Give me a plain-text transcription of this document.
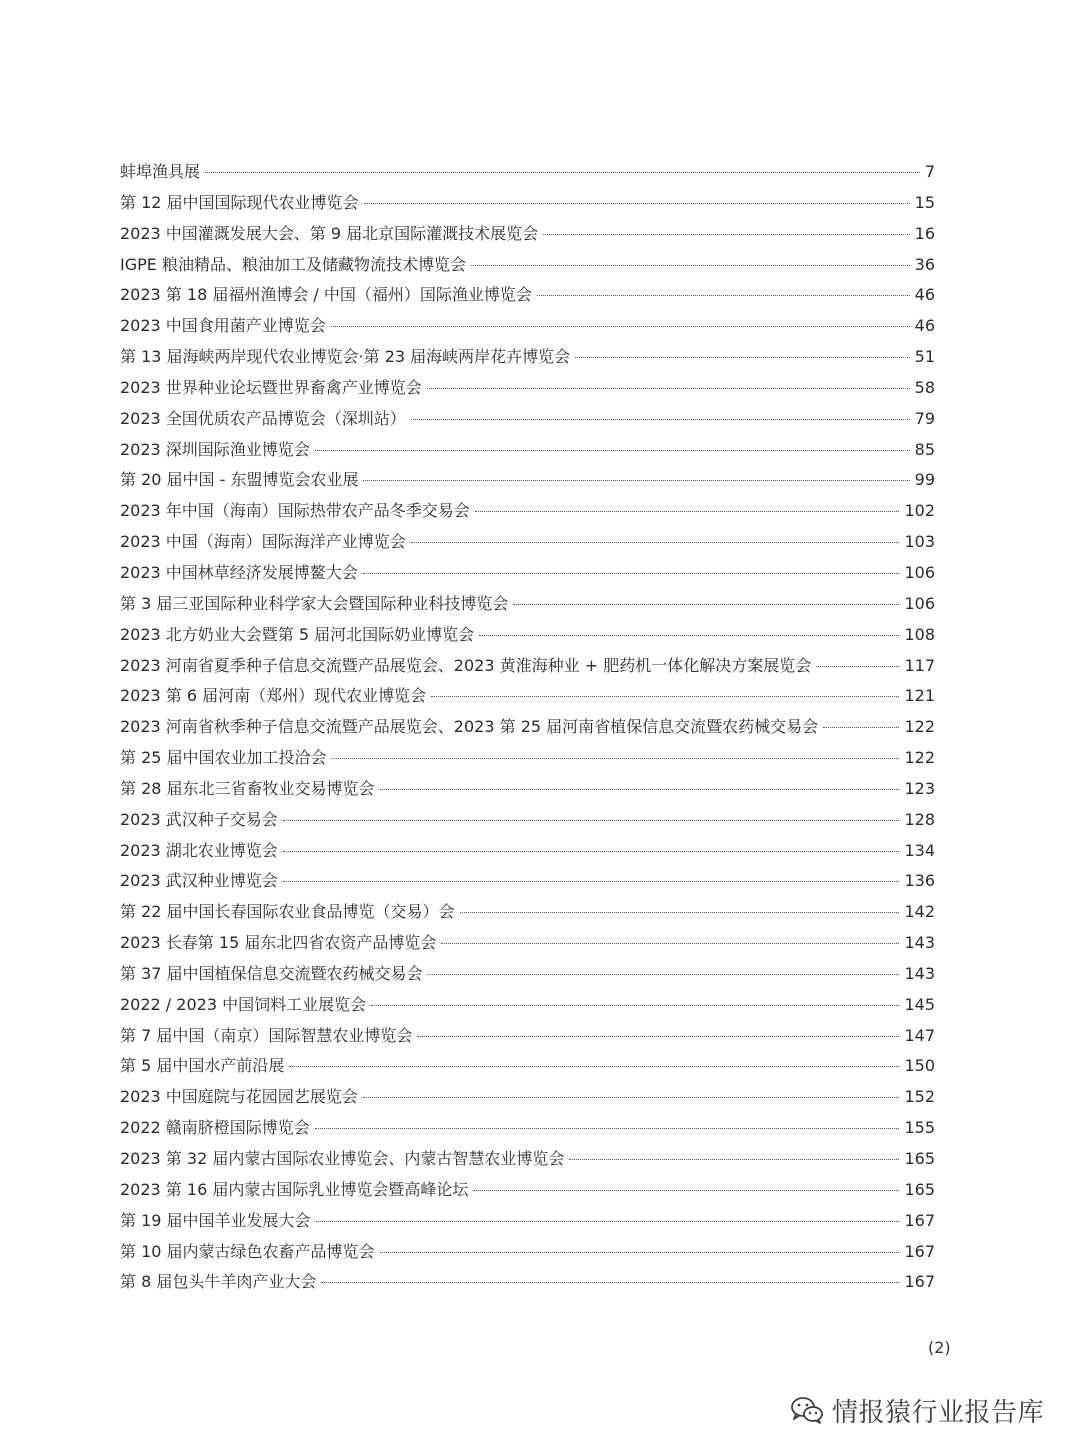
蚌埠渔具展	7
第 12 届中国国际现代农业博览会	15
2023 中国灌溉发展大会、第 9 届北京国际灌溉技术展览会	16
IGPE 粮油精品、粮油加工及储藏物流技术博览会	36
2023 第 18 届福州渔博会 / 中国（福州）国际渔业博览会	46
2023 中国食用菌产业博览会	46
第 13 届海峡两岸现代农业博览会·第 23 届海峡两岸花卉博览会	51
2023 世界种业论坛暨世界畜禽产业博览会	58
2023 全国优质农产品博览会（深圳站）	79
2023 深圳国际渔业博览会	85
第 20 届中国 - 东盟博览会农业展	99
2023 年中国（海南）国际热带农产品冬季交易会	102
2023 中国（海南）国际海洋产业博览会	103
2023 中国林草经济发展博鳌大会	106
第 3 届三亚国际种业科学家大会暨国际种业科技博览会	106
2023 北方奶业大会暨第 5 届河北国际奶业博览会	108
2023 河南省夏季种子信息交流暨产品展览会、2023 黄淮海种业 + 肥药机一体化解决方案展览会	117
2023 第 6 届河南（郑州）现代农业博览会	121
2023 河南省秋季种子信息交流暨产品展览会、2023 第 25 届河南省植保信息交流暨农药械交易会	122
第 25 届中国农业加工投洽会	122
第 28 届东北三省畜牧业交易博览会	123
2023 武汉种子交易会	128
2023 湖北农业博览会	134
2023 武汉种业博览会	136
第 22 届中国长春国际农业食品博览（交易）会	142
2023 长春第 15 届东北四省农资产品博览会	143
第 37 届中国植保信息交流暨农药械交易会	143
2022 / 2023 中国饲料工业展览会	145
第 7 届中国（南京）国际智慧农业博览会	147
第 5 届中国水产前沿展	150
2023 中国庭院与花园园艺展览会	152
2022 赣南脐橙国际博览会	155
2023 第 32 届内蒙古国际农业博览会、内蒙古智慧农业博览会	165
2023 第 16 届内蒙古国际乳业博览会暨高峰论坛	165
第 19 届中国羊业发展大会	167
第 10 届内蒙古绿色农畜产品博览会	167
第 8 届包头牛羊肉产业大会	167
(2)
情报猿行业报告库
